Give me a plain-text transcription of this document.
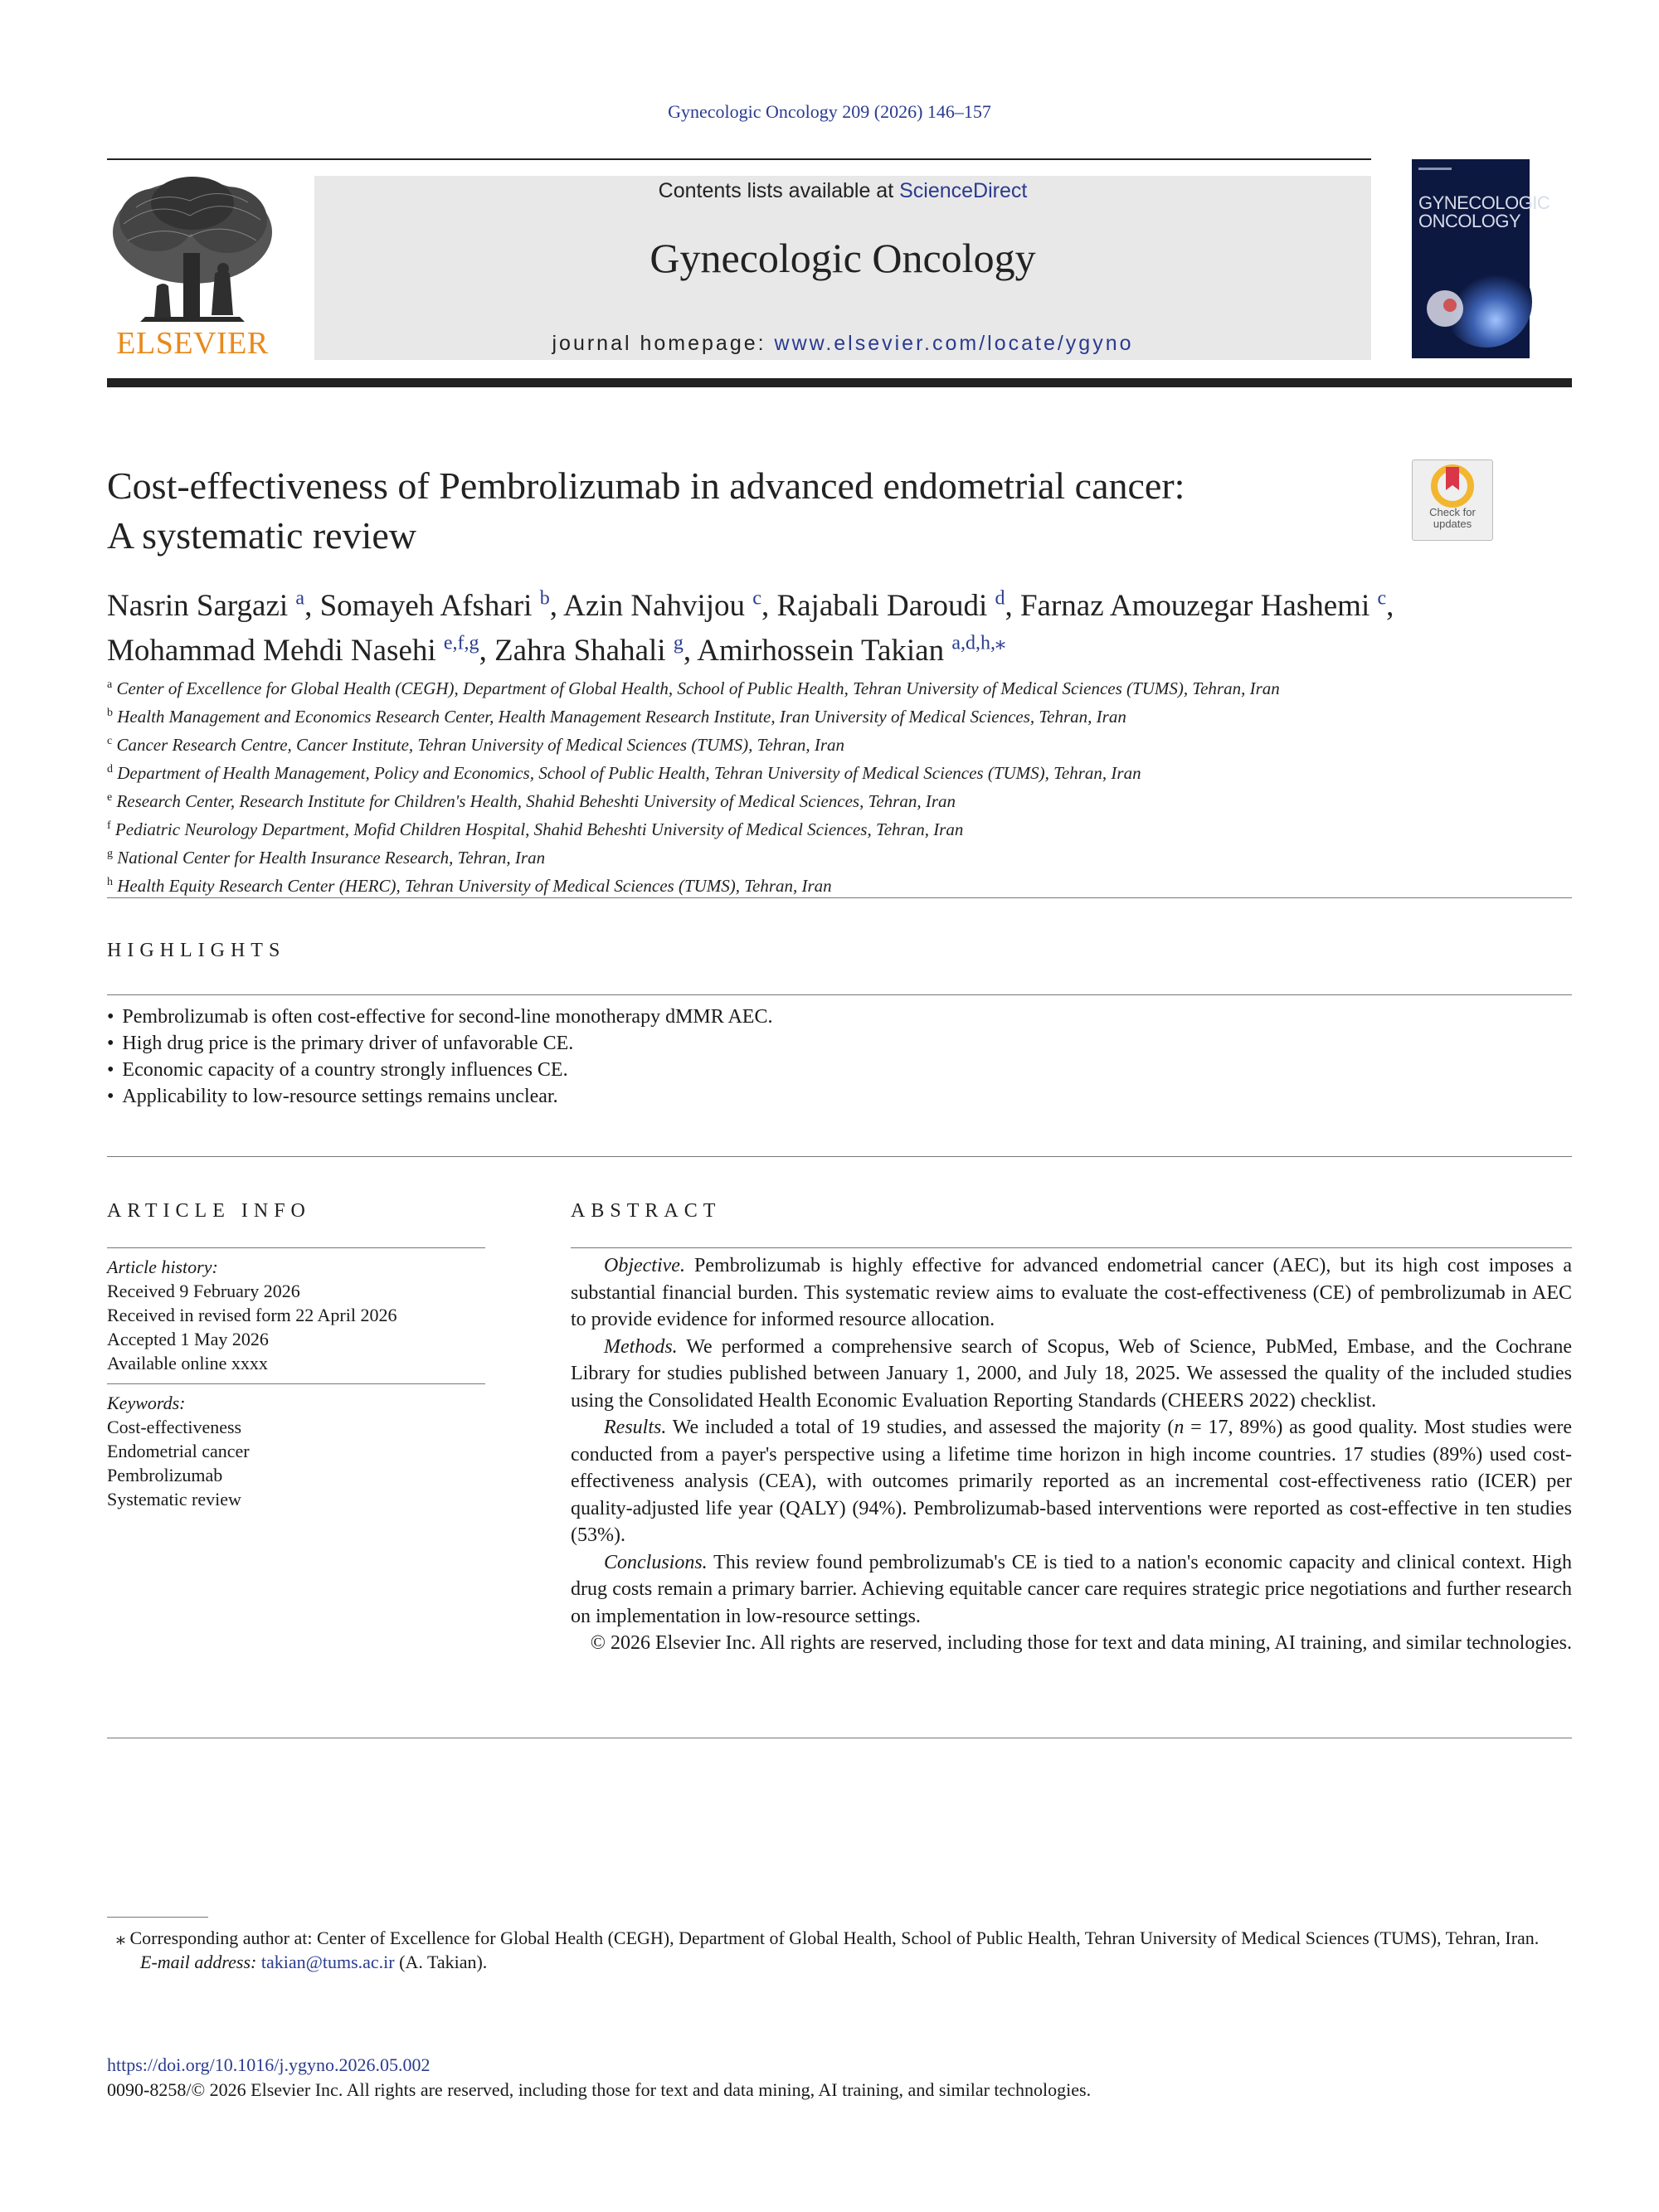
Gynecologic Oncology 209 (2026) 146–157
ELSEVIER
Contents lists available at ScienceDirect
Gynecologic Oncology
journal homepage: www.elsevier.com/locate/ygyno
GYNECOLOGIC
ONCOLOGY
Cost-effectiveness of Pembrolizumab in advanced endometrial cancer:
A systematic review
Check for
updates
Nasrin Sargazi $^a$, Somayeh Afshari $^b$, Azin Nahvijou $^c$, Rajabali Daroudi $^d$, Farnaz Amouzegar Hashemi $^c$,
Mohammad Mehdi Nasehi $^{e,f,g}$, Zahra Shahali $^g$, Amirhossein Takian $^{a,d,h,⁎}$
$^a$ Center of Excellence for Global Health (CEGH), Department of Global Health, School of Public Health, Tehran University of Medical Sciences (TUMS), Tehran, Iran
$^b$ Health Management and Economics Research Center, Health Management Research Institute, Iran University of Medical Sciences, Tehran, Iran
$^c$ Cancer Research Centre, Cancer Institute, Tehran University of Medical Sciences (TUMS), Tehran, Iran
$^d$ Department of Health Management, Policy and Economics, School of Public Health, Tehran University of Medical Sciences (TUMS), Tehran, Iran
$^e$ Research Center, Research Institute for Children's Health, Shahid Beheshti University of Medical Sciences, Tehran, Iran
$^f$ Pediatric Neurology Department, Mofid Children Hospital, Shahid Beheshti University of Medical Sciences, Tehran, Iran
$^g$ National Center for Health Insurance Research, Tehran, Iran
$^h$ Health Equity Research Center (HERC), Tehran University of Medical Sciences (TUMS), Tehran, Iran
HIGHLIGHTS
• Pembrolizumab is often cost-effective for second-line monotherapy dMMR AEC.
• High drug price is the primary driver of unfavorable CE.
• Economic capacity of a country strongly influences CE.
• Applicability to low-resource settings remains unclear.
ARTICLE INFO
Article history:
Received 9 February 2026
Received in revised form 22 April 2026
Accepted 1 May 2026
Available online xxxx
Keywords:
Cost-effectiveness
Endometrial cancer
Pembrolizumab
Systematic review
ABSTRACT

Objective. Pembrolizumab is highly effective for advanced endometrial cancer (AEC), but its high cost imposes a substantial financial burden. This systematic review aims to evaluate the cost-effectiveness (CE) of pembrolizumab in AEC to provide evidence for informed resource allocation.

Methods. We performed a comprehensive search of Scopus, Web of Science, PubMed, Embase, and the Cochrane Library for studies published between January 1, 2000, and July 18, 2025. We assessed the quality of the included studies using the Consolidated Health Economic Evaluation Reporting Standards (CHEERS 2022) checklist.

Results. We included a total of 19 studies, and assessed the majority (n = 17, 89%) as good quality. Most studies were conducted from a payer's perspective using a lifetime time horizon in high income countries. 17 studies (89%) used cost-effectiveness analysis (CEA), with outcomes primarily reported as an incremental cost-effectiveness ratio (ICER) per quality-adjusted life year (QALY) (94%). Pembrolizumab-based interventions were reported as cost-effective in ten studies (53%).

Conclusions. This review found pembrolizumab's CE is tied to a nation's economic capacity and clinical context. High drug costs remain a primary barrier. Achieving equitable cancer care requires strategic price negotiations and further research on implementation in low-resource settings.

© 2026 Elsevier Inc. All rights are reserved, including those for text and data mining, AI training, and similar technologies.

⁎ Corresponding author at: Center of Excellence for Global Health (CEGH), Department of Global Health, School of Public Health, Tehran University of Medical Sciences (TUMS), Tehran, Iran.
E-mail address: takian@tums.ac.ir (A. Takian).
https://doi.org/10.1016/j.ygyno.2026.05.002
0090-8258/© 2026 Elsevier Inc. All rights are reserved, including those for text and data mining, AI training, and similar technologies.
